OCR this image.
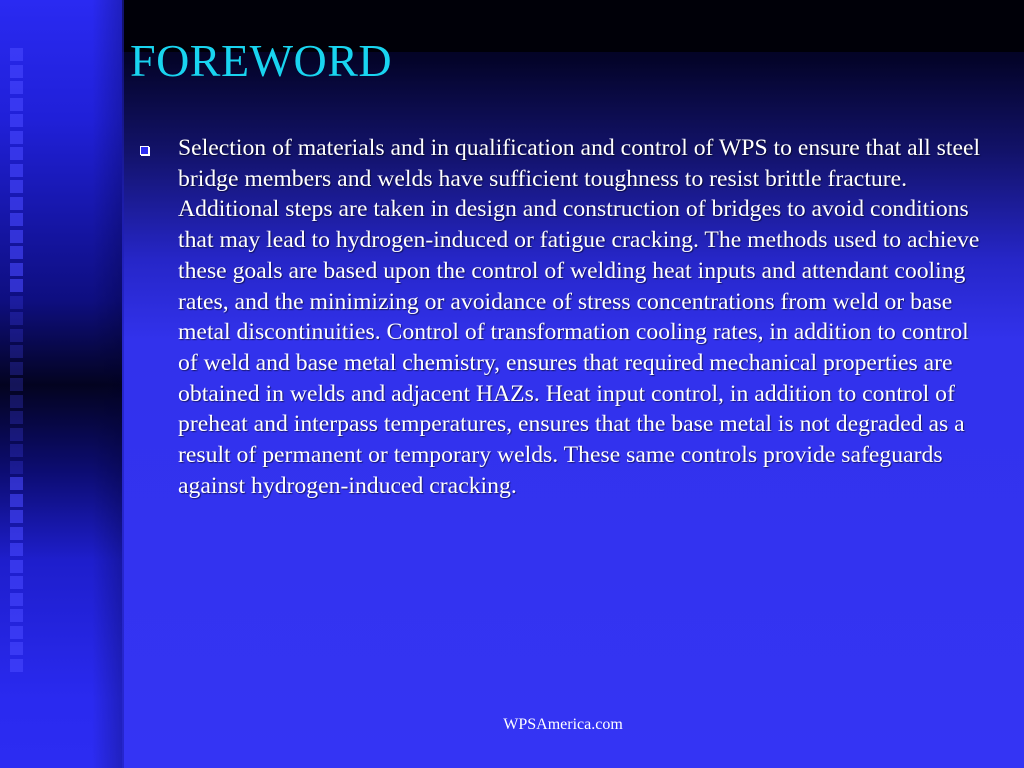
FOREWORD

Selection of materials and in qualification and control of WPS to ensure that all steel bridge members and welds have sufficient toughness to resist brittle fracture. Additional steps are taken in design and construction of bridges to avoid conditions that may lead to hydrogen-induced or fatigue cracking. The methods used to achieve these goals are based upon the control of welding heat inputs and attendant cooling rates, and the minimizing or avoidance of stress concentrations from weld or base metal discontinuities. Control of transformation cooling rates, in addition to control of weld and base metal chemistry, ensures that required mechanical properties are obtained in welds and adjacent HAZs. Heat input control, in addition to control of preheat and interpass temperatures, ensures that the base metal is not degraded as a result of permanent or temporary welds. These same controls provide safeguards against hydrogen-induced cracking.

WPSAmerica.com
